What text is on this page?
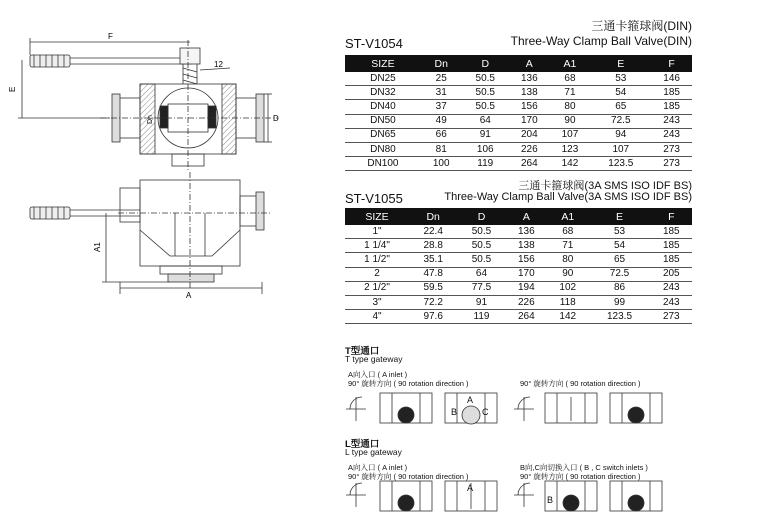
F
E
12
Dn	D
A1
A
三通卡箍球阀(DIN)
ST-V1054	Three-Way Clamp Ball Valve(DIN)
SIZE	Dn	D	A	A1	E	F
DN25	25	50.5	136	68	53	146
DN32	31	50.5	138	71	54	185
DN40	37	50.5	156	80	65	185
DN50	49	64	170	90	72.5	243
DN65	66	91	204	107	94	243
DN80	81	106	226	123	107	273
DN100	100	119	264	142	123.5	273
三通卡箍球阀(3A SMS ISO IDF BS)
ST-V1055	Three-Way Clamp Ball Valve(3A SMS ISO IDF BS)
SIZE	Dn	D	A	A1	E	F
1"	22.4	50.5	136	68	53	185
1 1/4"	28.8	50.5	138	71	54	185
1 1/2"	35.1	50.5	156	80	65	185
2	47.8	64	170	90	72.5	205
2 1/2"	59.5	77.5	194	102	86	243
3"	72.2	91	226	118	99	243
4"	97.6	119	264	142	123.5	273
T型通口
T type gateway
A向入口 ( A inlet )
90° 旋转方向 ( 90 rotation direction )	90° 旋转方向 ( 90 rotation direction )
L型通口
L type gateway
A向入口 ( A inlet )
90° 旋转方向 ( 90 rotation direction )
B向,C向切换入口 ( B , C switch inlets )
90° 旋转方向 ( 90 rotation direction )
A
B	C
A
B
